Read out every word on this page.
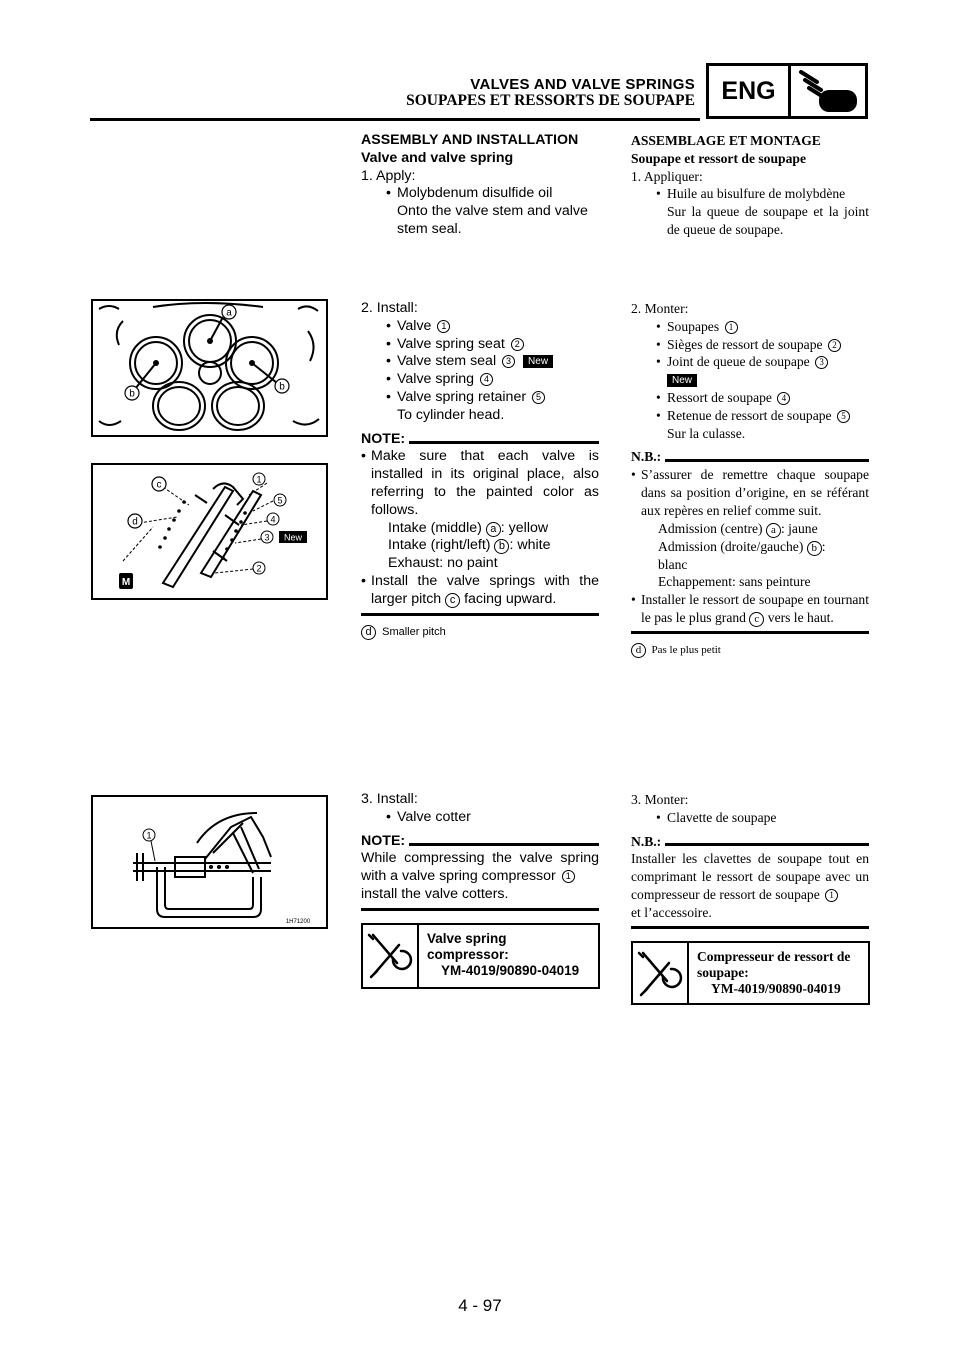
VALVES AND VALVE SPRINGS
SOUPAPES ET RESSORTS DE SOUPAPE	ENG
ASSEMBLY AND INSTALLATION
Valve and valve spring
1. Apply:
• Molybdenum disulfide oil
Onto the valve stem and valve
stem seal.
2. Install:
• Valve 1
• Valve spring seat 2
• Valve stem seal 3 New
• Valve spring 4
• Valve spring retainer 5
To cylinder head.
NOTE:
• Make sure that each valve is installed in its original place, also referring to the painted color as follows.
Intake (middle) a : yellow
Intake (right/left) b : white
Exhaust: no paint
• Install the valve springs with the larger pitch c facing upward.
d Smaller pitch
3. Install:
• Valve cotter
NOTE:
While compressing the valve spring with a valve spring compressor 1
install the valve cotters.
Valve spring
compressor:
YM-4019/90890-04019
ASSEMBLAGE ET MONTAGE
Soupape et ressort de soupape
1. Appliquer:
• Huile au bisulfure de molybdène
Sur la queue de soupape et la joint de queue de soupape.
2. Monter:
• Soupapes 1
• Sièges de ressort de soupape 2
• Joint de queue de soupape 3
New
• Ressort de soupape 4
• Retenue de ressort de soupape 5
Sur la culasse.
N.B.:
• S’assurer de remettre chaque soupape dans sa position d’origine, en se référant aux repères en relief comme suit.
Admission (centre) a : jaune
Admission (droite/gauche) b :
blanc
Echappement: sans peinture
• Installer le ressort de soupape en tournant le pas le plus grand c vers le haut.
d Pas le plus petit
3. Monter:
• Clavette de soupape
N.B.:
Installer les clavettes de soupape tout en comprimant le ressort de soupape avec un compresseur de ressort de soupape 1
et l’accessoire.
Compresseur de ressort de
soupape:
YM-4019/90890-04019
a
b
b
M
c
d
1
5
4
3
2
New
1
1H71200
4 - 97
